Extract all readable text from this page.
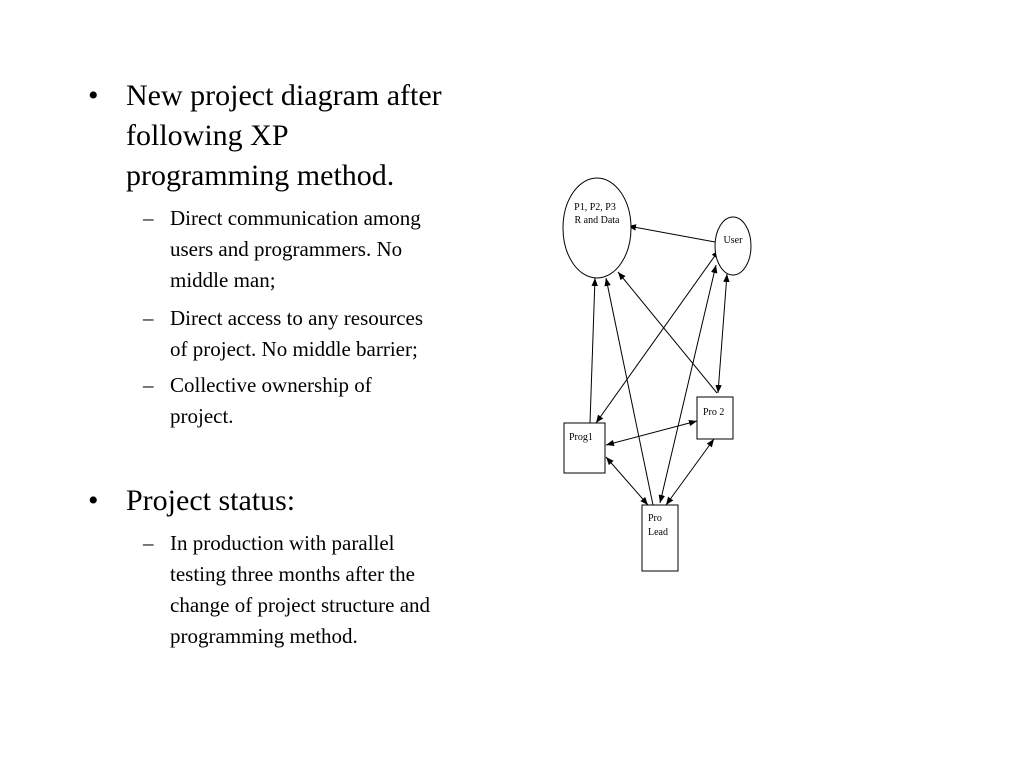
• New project diagram after
following XP
programming method.
– Direct communication among
users and programmers. No
middle man;
– Direct access to any resources
of project. No middle barrier;
– Collective ownership of
project.
• Project status:
– In production with parallel
testing three months after the
change of project structure and
programming method.
P1, P2, P3
R and Data
User
Prog1
Pro 2
Pro
Lead
